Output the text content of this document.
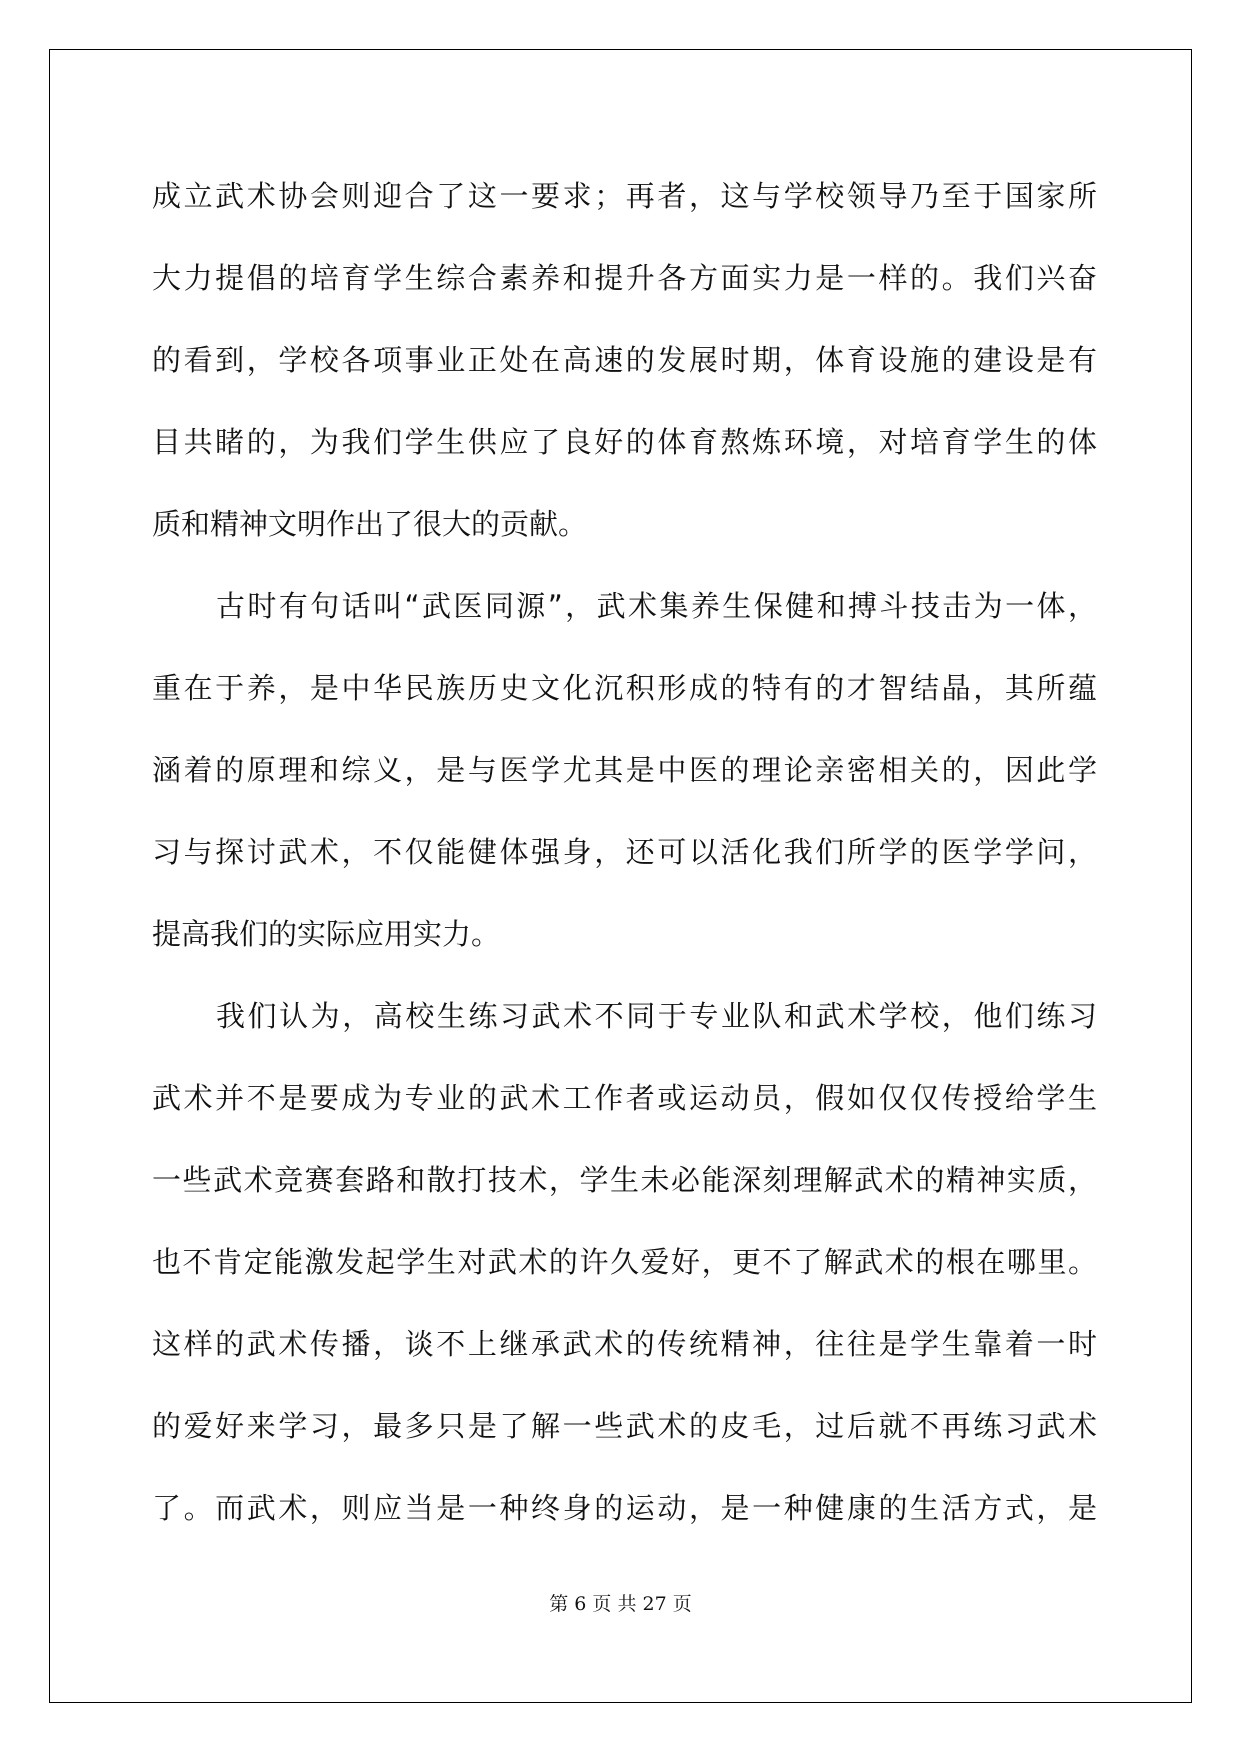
成立武术协会则迎合了这一要求；再者，这与学校领导乃至于国家所
大力提倡的培育学生综合素养和提升各方面实力是一样的。我们兴奋
的看到，学校各项事业正处在高速的发展时期，体育设施的建设是有
目共睹的，为我们学生供应了良好的体育熬炼环境，对培育学生的体
质和精神文明作出了很大的贡献。
古时有句话叫“武医同源”，武术集养生保健和搏斗技击为一体，
重在于养，是中华民族历史文化沉积形成的特有的才智结晶，其所蕴
涵着的原理和综义，是与医学尤其是中医的理论亲密相关的，因此学
习与探讨武术，不仅能健体强身，还可以活化我们所学的医学学问，
提高我们的实际应用实力。
我们认为，高校生练习武术不同于专业队和武术学校，他们练习
武术并不是要成为专业的武术工作者或运动员，假如仅仅传授给学生
一些武术竞赛套路和散打技术，学生未必能深刻理解武术的精神实质，
也不肯定能激发起学生对武术的许久爱好，更不了解武术的根在哪里。
这样的武术传播，谈不上继承武术的传统精神，往往是学生靠着一时
的爱好来学习，最多只是了解一些武术的皮毛，过后就不再练习武术
了。而武术，则应当是一种终身的运动，是一种健康的生活方式，是
第 6 页 共 27 页
